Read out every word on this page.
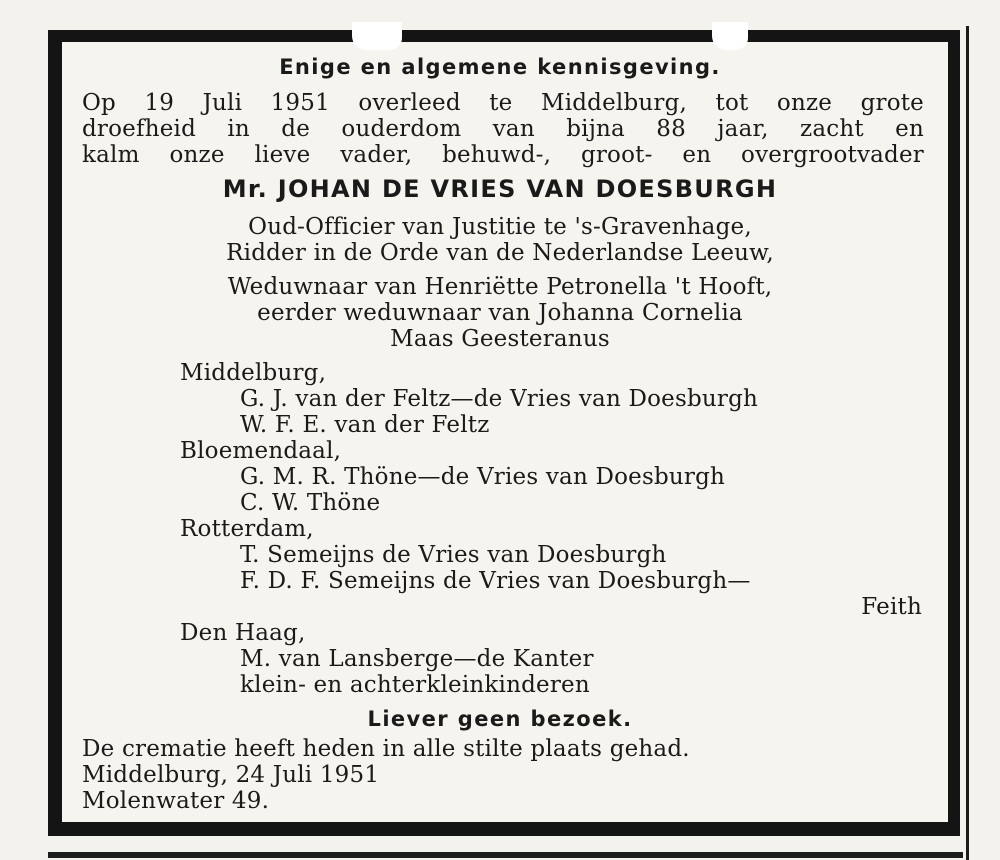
Enige en algemene kennisgeving.
Op 19 Juli 1951 overleed te Middelburg, tot onze grote
droefheid in de ouderdom van bijna 88 jaar, zacht en
kalm onze lieve vader, behuwd-, groot- en overgrootvader
Mr. JOHAN DE VRIES VAN DOESBURGH
Oud-Officier van Justitie te 's-Gravenhage,
Ridder in de Orde van de Nederlandse Leeuw,
Weduwnaar van Henriëtte Petronella 't Hooft,
eerder weduwnaar van Johanna Cornelia
Maas Geesteranus
Middelburg,
G. J. van der Feltz—de Vries van Doesburgh
W. F. E. van der Feltz
Bloemendaal,
G. M. R. Thöne—de Vries van Doesburgh
C. W. Thöne
Rotterdam,
T. Semeijns de Vries van Doesburgh
F. D. F. Semeijns de Vries van Doesburgh—
Feith
Den Haag,
M. van Lansberge—de Kanter
klein- en achterkleinkinderen
Liever geen bezoek.
De crematie heeft heden in alle stilte plaats gehad.
Middelburg, 24 Juli 1951
Molenwater 49.
